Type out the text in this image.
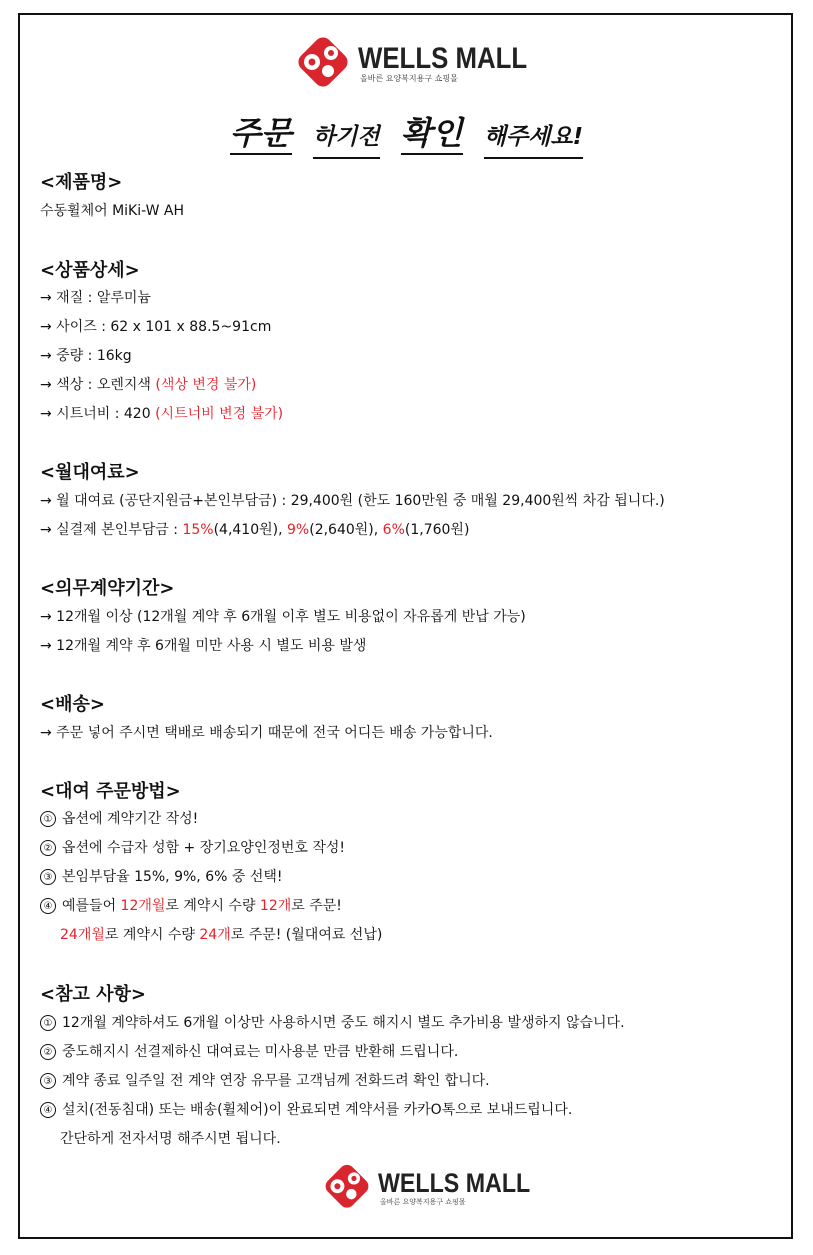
WELLS MALL
올바른 요양복지용구 쇼핑몰
주문 하기전 확인 해주세요!
<제품명>
수동휠체어 MiKi-W AH
<상품상세>
→ 재질 : 알루미늄
→ 사이즈 : 62 x 101 x 88.5~91cm
→ 중량 : 16kg
→ 색상 : 오렌지색 (색상 변경 불가)
→ 시트너비 : 420 (시트너비 변경 불가)
<월대여료>
→ 월 대여료 (공단지원금+본인부담금) : 29,400원 (한도 160만원 중 매월 29,400원씩 차감 됩니다.)
→ 실결제 본인부담금 : 15%(4,410원), 9%(2,640원), 6%(1,760원)
<의무계약기간>
→ 12개월 이상 (12개월 계약 후 6개월 이후 별도 비용없이 자유롭게 반납 가능)
→ 12개월 계약 후 6개월 미만 사용 시 별도 비용 발생
<배송>
→ 주문 넣어 주시면 택배로 배송되기 때문에 전국 어디든 배송 가능합니다.
<대여 주문방법>
① 옵션에 계약기간 작성!
② 옵션에 수급자 성함 + 장기요양인정번호 작성!
③ 본임부담율 15%, 9%, 6% 중 선택!
④ 예를들어 12개월로 계약시 수량 12개로 주문!
24개월로 계약시 수량 24개로 주문! (월대여료 선납)
<참고 사항>
① 12개월 계약하셔도 6개월 이상만 사용하시면 중도 해지시 별도 추가비용 발생하지 않습니다.
② 중도해지시 선결제하신 대여료는 미사용분 만큼 반환해 드립니다.
③ 계약 종료 일주일 전 계약 연장 유무를 고객님께 전화드려 확인 합니다.
④ 설치(전동침대) 또는 배송(휠체어)이 완료되면 계약서를 카카O톡으로 보내드립니다.
간단하게 전자서명 해주시면 됩니다.
WELLS MALL
올바른 요양복지용구 쇼핑몰
